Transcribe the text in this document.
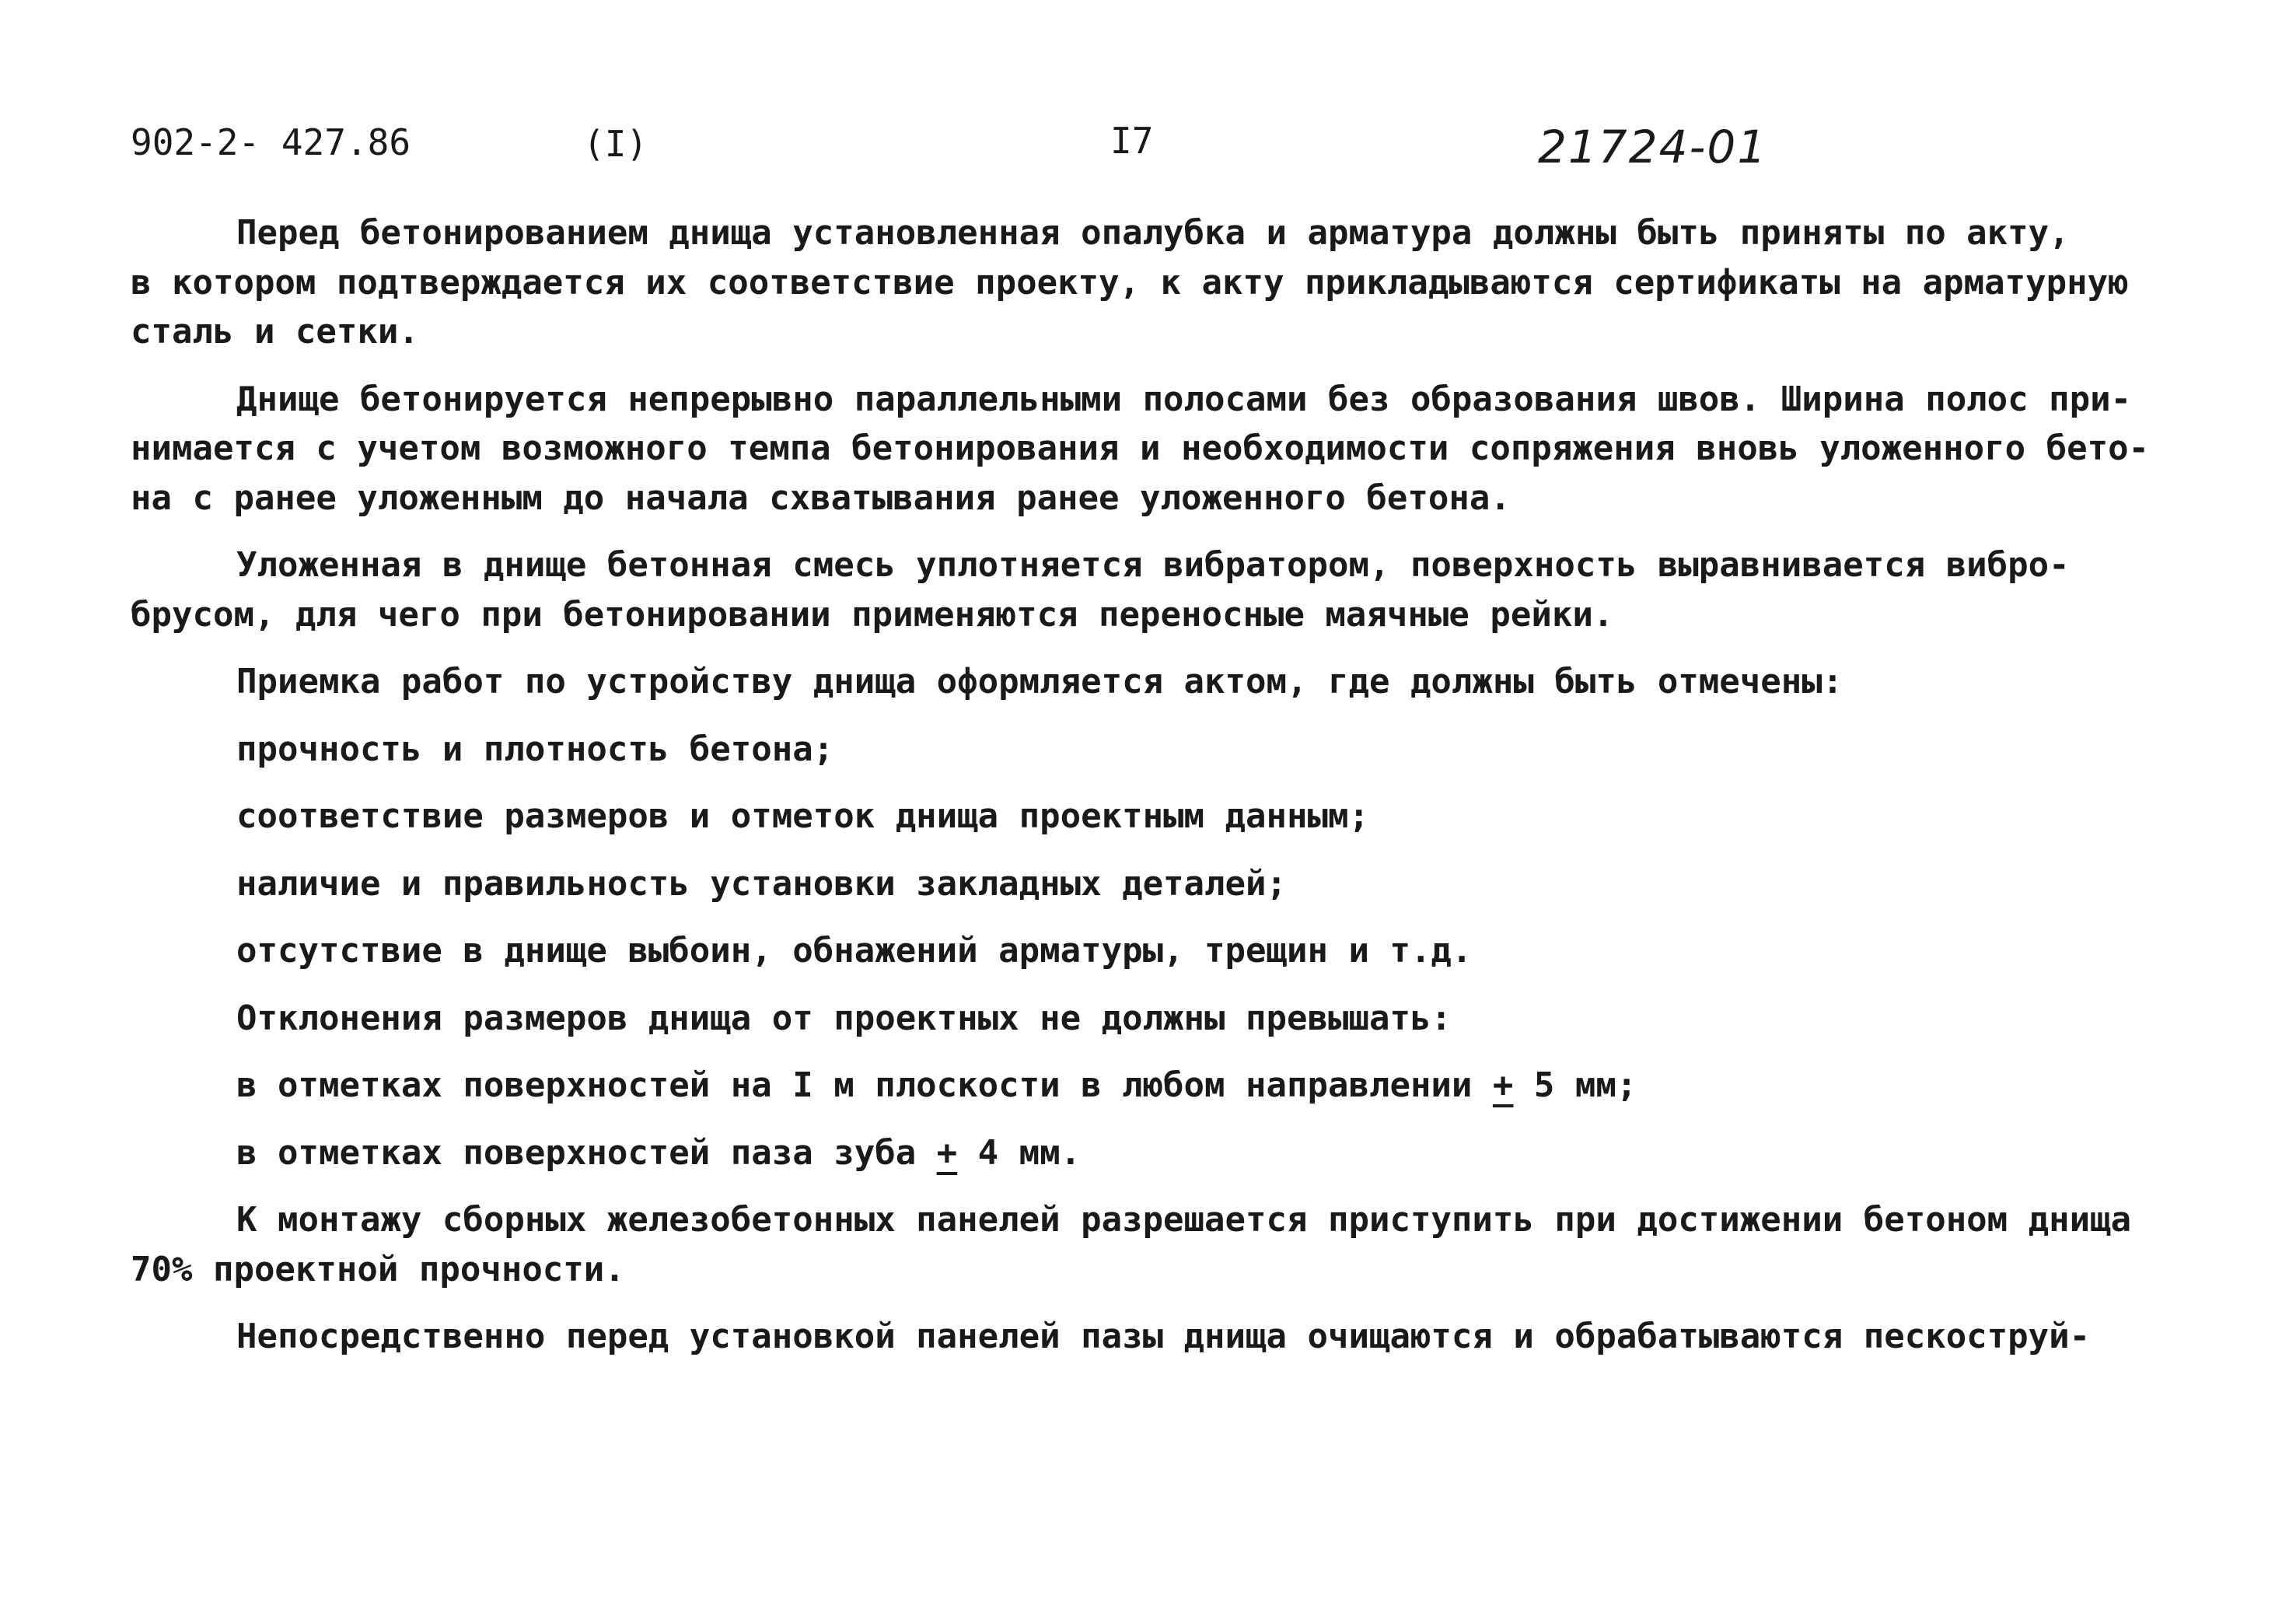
902-2- 427.86	(I)	I7	21724-01
Перед бетонированием днища установленная опалубка и арматура должны быть приняты по акту,
в котором подтверждается их соответствие проекту, к акту прикладываются сертификаты на арматурную
сталь и сетки.
Днище бетонируется непрерывно параллельными полосами без образования швов. Ширина полос при-
нимается с учетом возможного темпа бетонирования и необходимости сопряжения вновь уложенного бето-
на с ранее уложенным до начала схватывания ранее уложенного бетона.
Уложенная в днище бетонная смесь уплотняется вибратором, поверхность выравнивается вибро-
брусом, для чего при бетонировании применяются переносные маячные рейки.
Приемка работ по устройству днища оформляется актом, где должны быть отмечены:
прочность и плотность бетона;
соответствие размеров и отметок днища проектным данным;
наличие и правильность установки закладных деталей;
отсутствие в днище выбоин, обнажений арматуры, трещин и т.д.
Отклонения размеров днища от проектных не должны превышать:
в отметках поверхностей на I м плоскости в любом направлении + 5 мм;
в отметках поверхностей паза зуба + 4 мм.
К монтажу сборных железобетонных панелей разрешается приступить при достижении бетоном днища
70% проектной прочности.
Непосредственно перед установкой панелей пазы днища очищаются и обрабатываются пескоструй-
